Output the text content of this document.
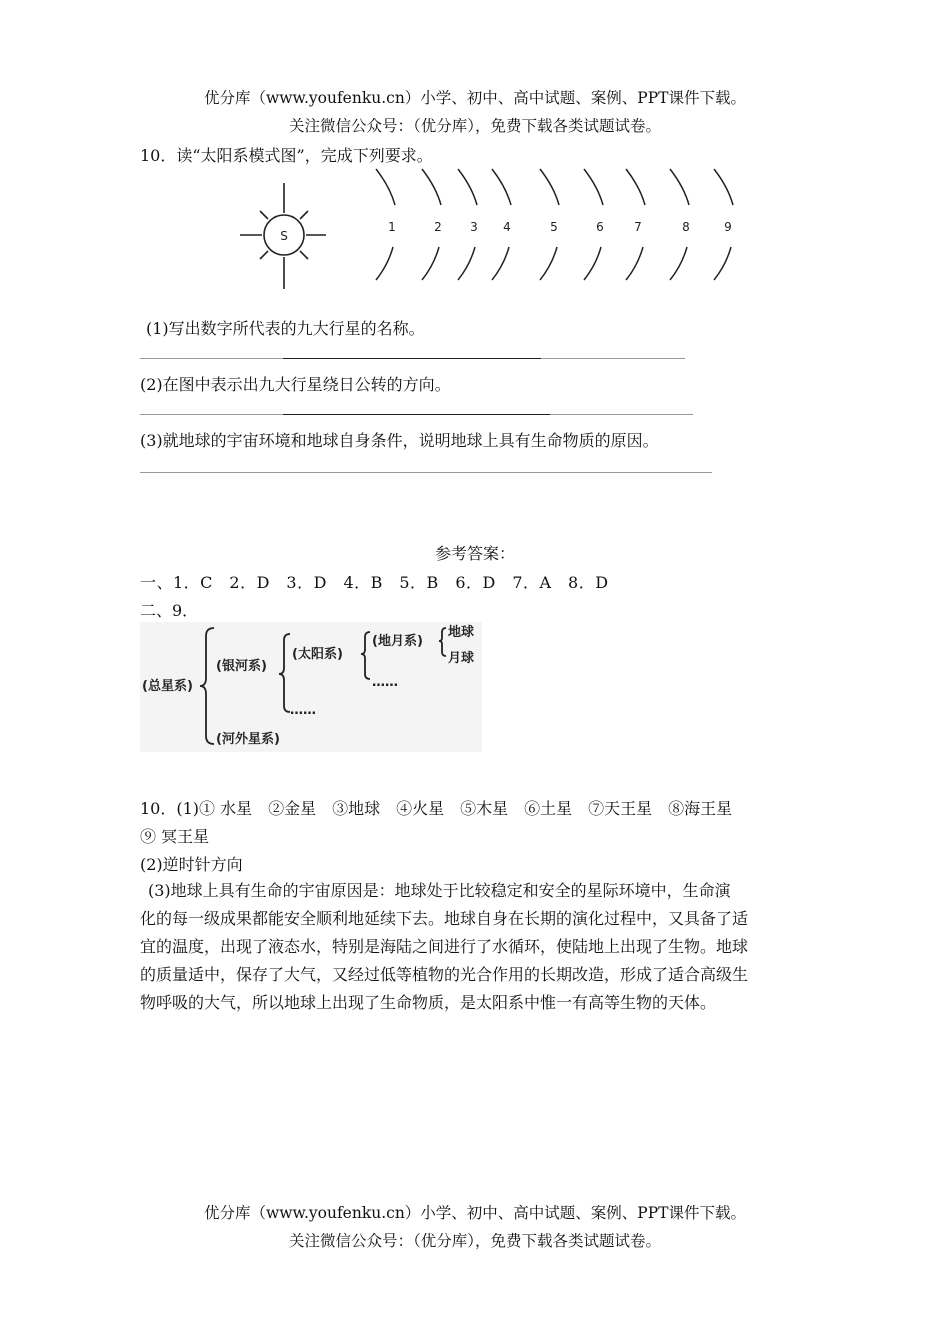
优分库（www.youfenku.cn）小学、初中、高中试题、案例、PPT课件下载。
关注微信公众号：（优分库），免费下载各类试题试卷。
10．读“太阳系模式图”，完成下列要求。
S
1	2 3 4	5	6	7	8	9
(1)写出数字所代表的九大行星的名称。
(2)在图中表示出九大行星绕日公转的方向。
(3)就地球的宇宙环境和地球自身条件，说明地球上具有生命物质的原因。
参考答案：
一、1．C　2．D　3．D　4．B　5．B　6．D　7．A　8．D
二、9．
(总星系)
(银河系)
(河外星系)
(太阳系)
……
(地月系)
……
地球
月球
10．(1)① 水星　②金星　③地球　④火星　⑤木星　⑥土星　⑦天王星　⑧海王星
⑨ 冥王星
(2)逆时针方向
(3)地球上具有生命的宇宙原因是：地球处于比较稳定和安全的星际环境中，生命演
化的每一级成果都能安全顺利地延续下去。地球自身在长期的演化过程中，又具备了适
宜的温度，出现了液态水，特别是海陆之间进行了水循环，使陆地上出现了生物。地球
的质量适中，保存了大气，又经过低等植物的光合作用的长期改造，形成了适合高级生
物呼吸的大气，所以地球上出现了生命物质，是太阳系中惟一有高等生物的天体。
优分库（www.youfenku.cn）小学、初中、高中试题、案例、PPT课件下载。
关注微信公众号：（优分库），免费下载各类试题试卷。
